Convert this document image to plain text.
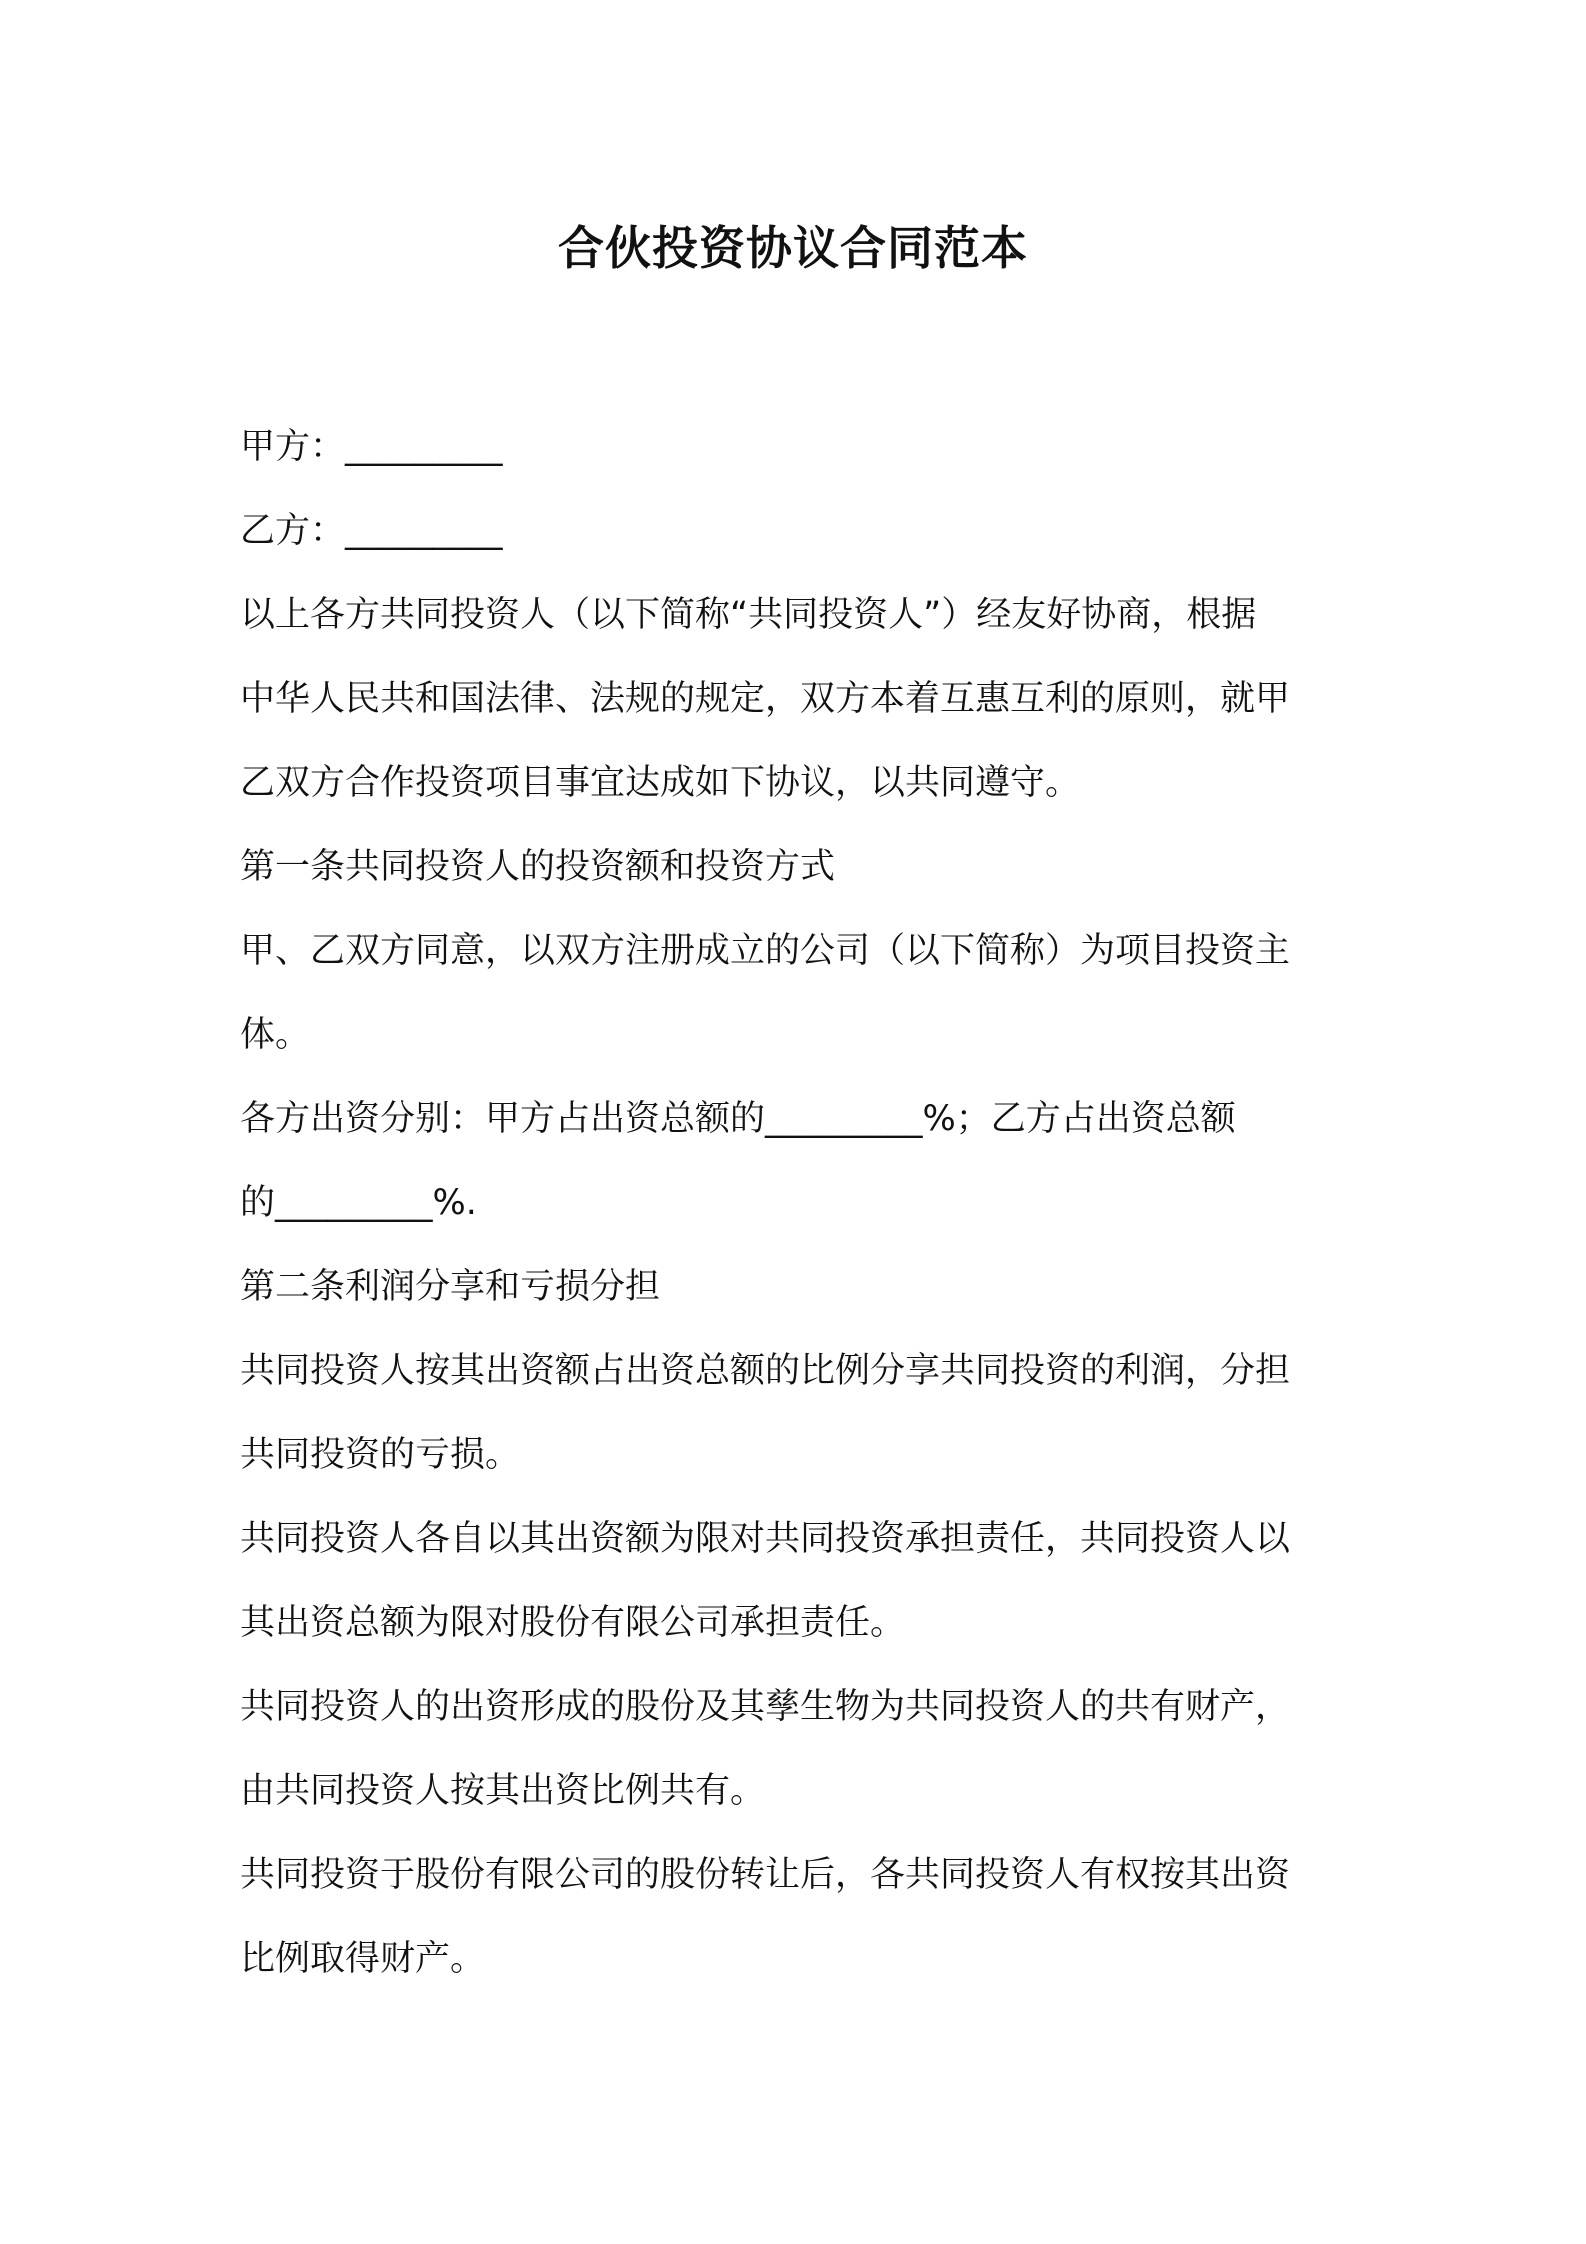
合伙投资协议合同范本
甲方：_________
乙方：_________
以上各方共同投资人（以下简称“共同投资人”）经友好协商，根据
中华人民共和国法律、法规的规定，双方本着互惠互利的原则，就甲
乙双方合作投资项目事宜达成如下协议，以共同遵守。
第一条共同投资人的投资额和投资方式
甲、乙双方同意，以双方注册成立的公司（以下简称）为项目投资主
体。
各方出资分别：甲方占出资总额的_________%；乙方占出资总额
的_________%.
第二条利润分享和亏损分担
共同投资人按其出资额占出资总额的比例分享共同投资的利润，分担
共同投资的亏损。
共同投资人各自以其出资额为限对共同投资承担责任，共同投资人以
其出资总额为限对股份有限公司承担责任。
共同投资人的出资形成的股份及其孳生物为共同投资人的共有财产，
由共同投资人按其出资比例共有。
共同投资于股份有限公司的股份转让后，各共同投资人有权按其出资
比例取得财产。
